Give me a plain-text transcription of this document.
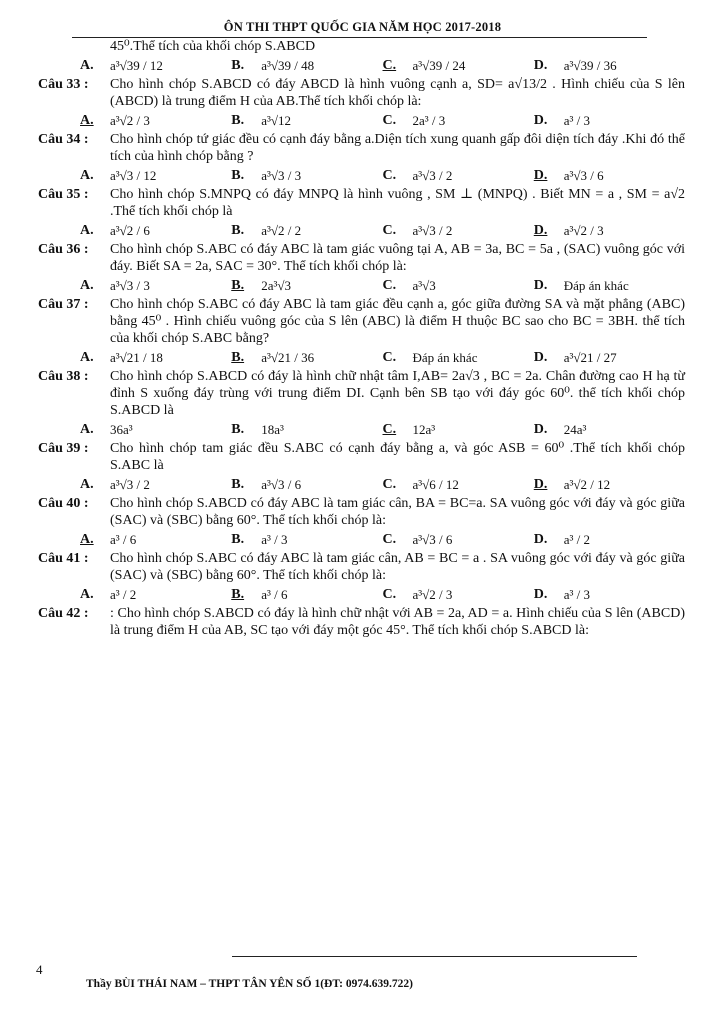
ÔN THI THPT QUỐC GIA NĂM HỌC 2017-2018
45⁰.Thể tích của khối chóp S.ABCD
A.	a³√39 / 12	B.	a³√39 / 48	C.	a³√39 / 24	D.	a³√39 / 36
Câu 33 : Cho hình chóp S.ABCD có đáy ABCD là hình vuông cạnh a, SD= a√13/2 . Hình chiếu của S lên (ABCD) là trung điểm H của AB.Thể tích khối chóp là:
A.	a³√2 / 3	B.	a³√12	C.	2a³ / 3	D.	a³ / 3
Câu 34 : Cho hình chóp tứ giác đều có cạnh đáy bằng a.Diện tích xung quanh gấp đôi diện tích đáy .Khi đó thể tích của hình chóp bằng ?
A.	a³√3 / 12	B.	a³√3 / 3	C.	a³√3 / 2	D.	a³√3 / 6
Câu 35 : Cho hình chóp S.MNPQ có đáy MNPQ là hình vuông , SM ⊥ (MNPQ) . Biết MN = a , SM = a√2 .Thể tích khối chóp là
A.	a³√2 / 6	B.	a³√2 / 2	C.	a³√3 / 2	D.	a³√2 / 3
Câu 36 : Cho hình chóp S.ABC có đáy ABC là tam giác vuông tại A, AB = 3a, BC = 5a , (SAC) vuông góc với đáy. Biết SA = 2a, SAC = 30°. Thể tích khối chóp là:
A.	a³√3 / 3	B.	2a³√3	C.	a³√3	D.	Đáp án khác
Câu 37 : Cho hình chóp S.ABC có đáy ABC là tam giác đều cạnh a, góc giữa đường SA và mặt phẳng (ABC) bằng 45⁰ . Hình chiếu vuông góc của S lên (ABC) là điểm H thuộc BC sao cho BC = 3BH. thể tích của khối chóp S.ABC bằng?
A.	a³√21 / 18	B.	a³√21 / 36	C.	Đáp án khác	D.	a³√21 / 27
Câu 38 : Cho hình chóp S.ABCD có đáy là hình chữ nhật tâm I,AB= 2a√3 , BC = 2a. Chân đường cao H hạ từ đỉnh S xuống đáy trùng với trung điểm DI. Cạnh bên SB tạo với đáy góc 60⁰. thể tích khối chóp S.ABCD là
A.	36a³	B.	18a³	C.	12a³	D.	24a³
Câu 39 : Cho hình chóp tam giác đều S.ABC có cạnh đáy bằng a, và góc ASB = 60⁰ .Thể tích khối chóp S.ABC là
A.	a³√3 / 2	B.	a³√3 / 6	C.	a³√6 / 12	D.	a³√2 / 12
Câu 40 : Cho hình chóp S.ABCD có đáy ABC là tam giác cân, BA = BC=a. SA vuông góc với đáy và góc giữa (SAC) và (SBC) bằng 60°. Thể tích khối chóp là:
A.	a³ / 6	B.	a³ / 3	C.	a³√3 / 6	D.	a³ / 2
Câu 41 : Cho hình chóp S.ABC có đáy ABC là tam giác cân, AB = BC = a . SA vuông góc với đáy và góc giữa (SAC) và (SBC) bằng 60°. Thể tích khối chóp là:
A.	a³ / 2	B.	a³ / 6	C.	a³√2 / 3	D.	a³ / 3
Câu 42 : : Cho hình chóp S.ABCD có đáy là hình chữ nhật với AB = 2a, AD = a. Hình chiếu của S lên (ABCD) là trung điểm H của AB, SC tạo với đáy một góc 45°. Thể tích khối chóp S.ABCD là:
4
Thầy BÙI THÁI NAM – THPT TÂN YÊN SỐ 1(ĐT: 0974.639.722)
